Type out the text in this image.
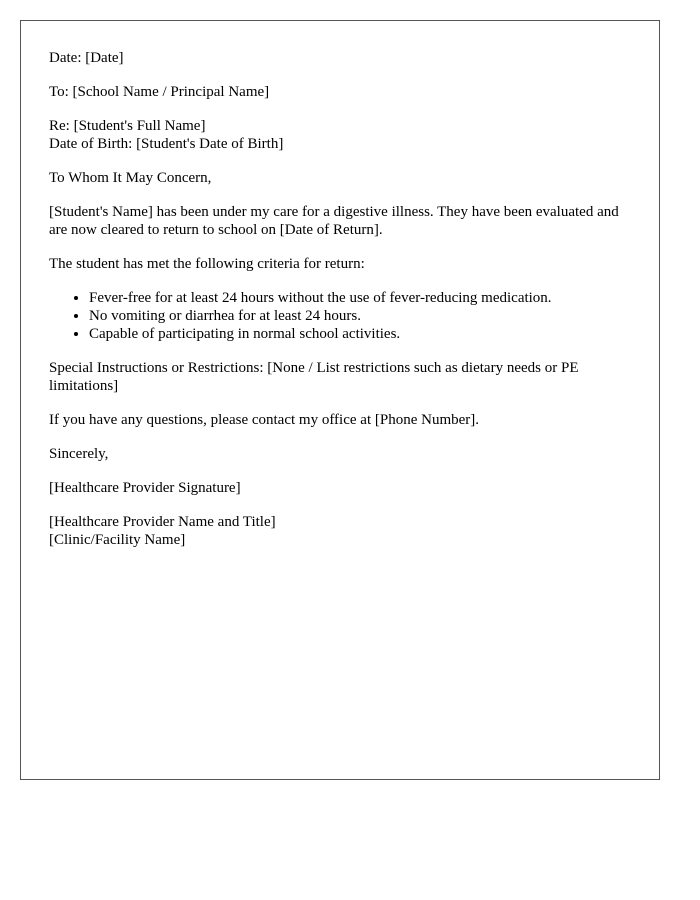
Date: [Date]

To: [School Name / Principal Name]

Re: [Student's Full Name]
Date of Birth: [Student's Date of Birth]

To Whom It May Concern,

[Student's Name] has been under my care for a digestive illness. They have been evaluated and are now cleared to return to school on [Date of Return].

The student has met the following criteria for return:

• Fever-free for at least 24 hours without the use of fever-reducing medication.
• No vomiting or diarrhea for at least 24 hours.
• Capable of participating in normal school activities.

Special Instructions or Restrictions: [None / List restrictions such as dietary needs or PE limitations]

If you have any questions, please contact my office at [Phone Number].

Sincerely,

[Healthcare Provider Signature]

[Healthcare Provider Name and Title]
[Clinic/Facility Name]
